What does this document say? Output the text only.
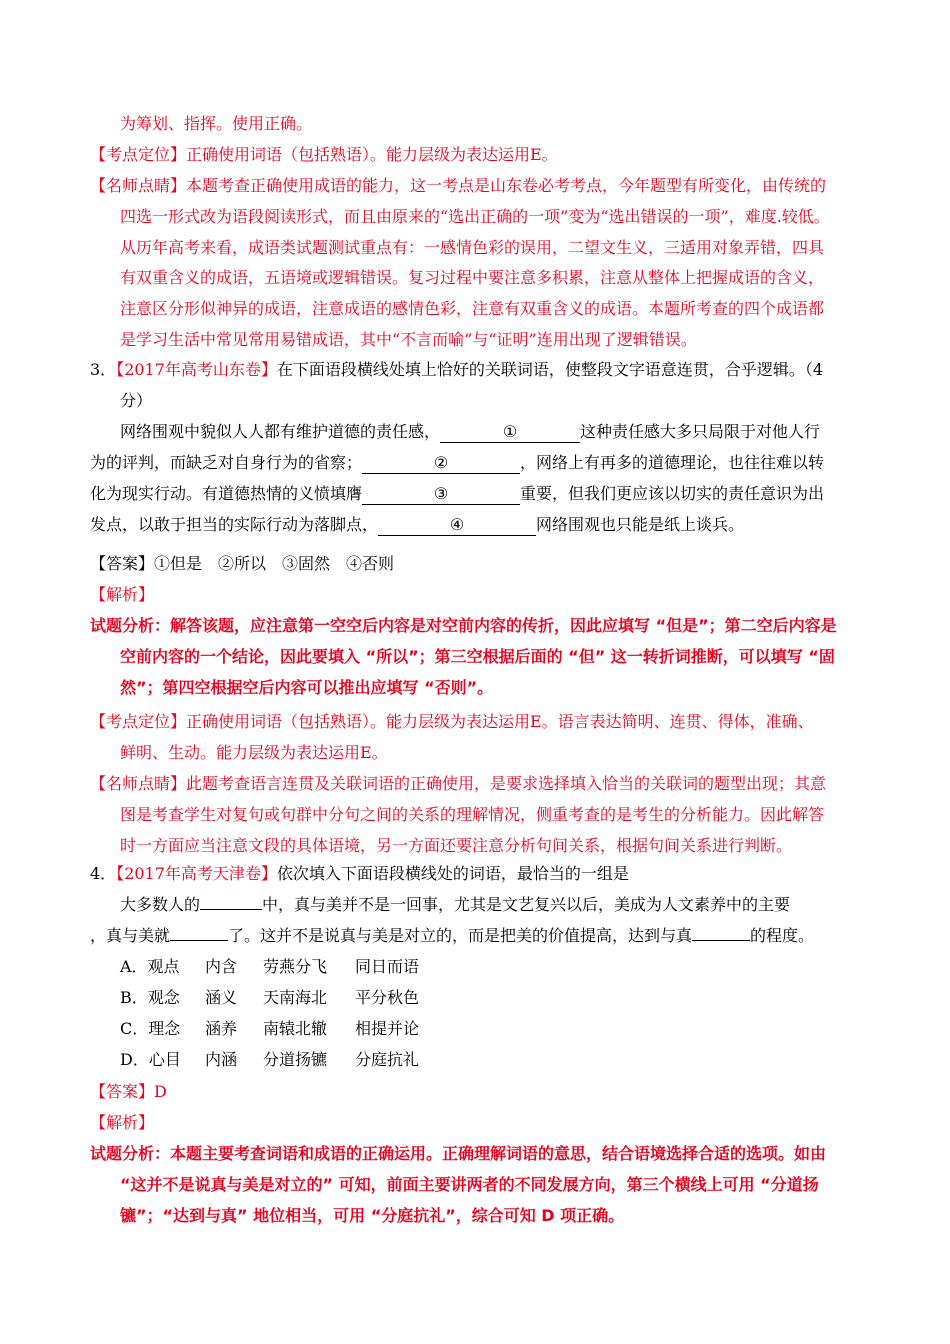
为筹划、指挥。使用正确。
【考点定位】正确使用词语（包括熟语）。能力层级为表达运用E。
【名师点睛】本题考查正确使用成语的能力，这一考点是山东卷必考考点，今年题型有所变化，由传统的
四选一形式改为语段阅读形式，而且由原来的“选出正确的一项”变为“选出错误的一项”，难度.较低。
从历年高考来看，成语类试题测试重点有：一感情色彩的误用，二望文生义，三适用对象弄错，四具
有双重含义的成语，五语境或逻辑错误。复习过程中要注意多积累，注意从整体上把握成语的含义，
注意区分形似神异的成语，注意成语的感情色彩，注意有双重含义的成语。本题所考查的四个成语都
是学习生活中常见常用易错成语，其中“不言而喻”与“证明”连用出现了逻辑错误。
【答案】①但是　②所以　③固然　④否则
【解析】
试题分析：解答该题，应注意第一空空后内容是对空前内容的传折，因此应填写 “但是”；第二空后内容是
空前内容的一个结论，因此要填入 “所以”；第三空根据后面的 “但” 这一转折词推断，可以填写 “固
然”；第四空根据空后内容可以推出应填写 “否则”。
【考点定位】正确使用词语（包括熟语）。能力层级为表达运用E。语言表达简明、连贯、得体，准确、
鲜明、生动。能力层级为表达运用E。
【名师点睛】此题考查语言连贯及关联词语的正确使用，是要求选择填入恰当的关联词的题型出现；其意
图是考查学生对复句或句群中分句之间的关系的理解情况，侧重考查的是考生的分析能力。因此解答
时一方面应当注意文段的具体语境，另一方面还要注意分析句间关系，根据句间关系进行判断。
【答案】D
【解析】
试题分析：本题主要考查词语和成语的正确运用。正确理解词语的意思，结合语境选择合适的选项。如由
“这并不是说真与美是对立的” 可知，前面主要讲两者的不同发展方向，第三个横线上可用 “分道扬
镳”；“达到与真” 地位相当，可用 “分庭抗礼”，综合可知 D 项正确。
3．【2017年高考山东卷】在下面语段横线处填上恰好的关联词语，使整段文字语意连贯，合乎逻辑。（4
分）
网络围观中貌似人人都有维护道德的责任感，	①	这种责任感大多只局限于对他人行
为的评判，而缺乏对自身行为的省察；	②	，网络上有再多的道德理论，也往往难以转
化为现实行动。有道德热情的义愤填膺	③	重要，但我们更应该以切实的责任意识为出
发点，以敢于担当的实际行动为落脚点，	④	网络围观也只能是纸上谈兵。
4．【2017年高考天津卷】依次填入下面语段横线处的词语，最恰当的一组是
大多数人的	中，真与美并不是一回事，尤其是文艺复兴以后，美成为人文素养中的主要
，真与美就	了。这并不是说真与美是对立的，而是把美的价值提高，达到与真	的程度。
A．观点 内含 劳燕分飞 同日而语
B．观念 涵义 天南海北 平分秋色
C．理念 涵养 南辕北辙 相提并论
D．心目 内涵 分道扬镳 分庭抗礼
